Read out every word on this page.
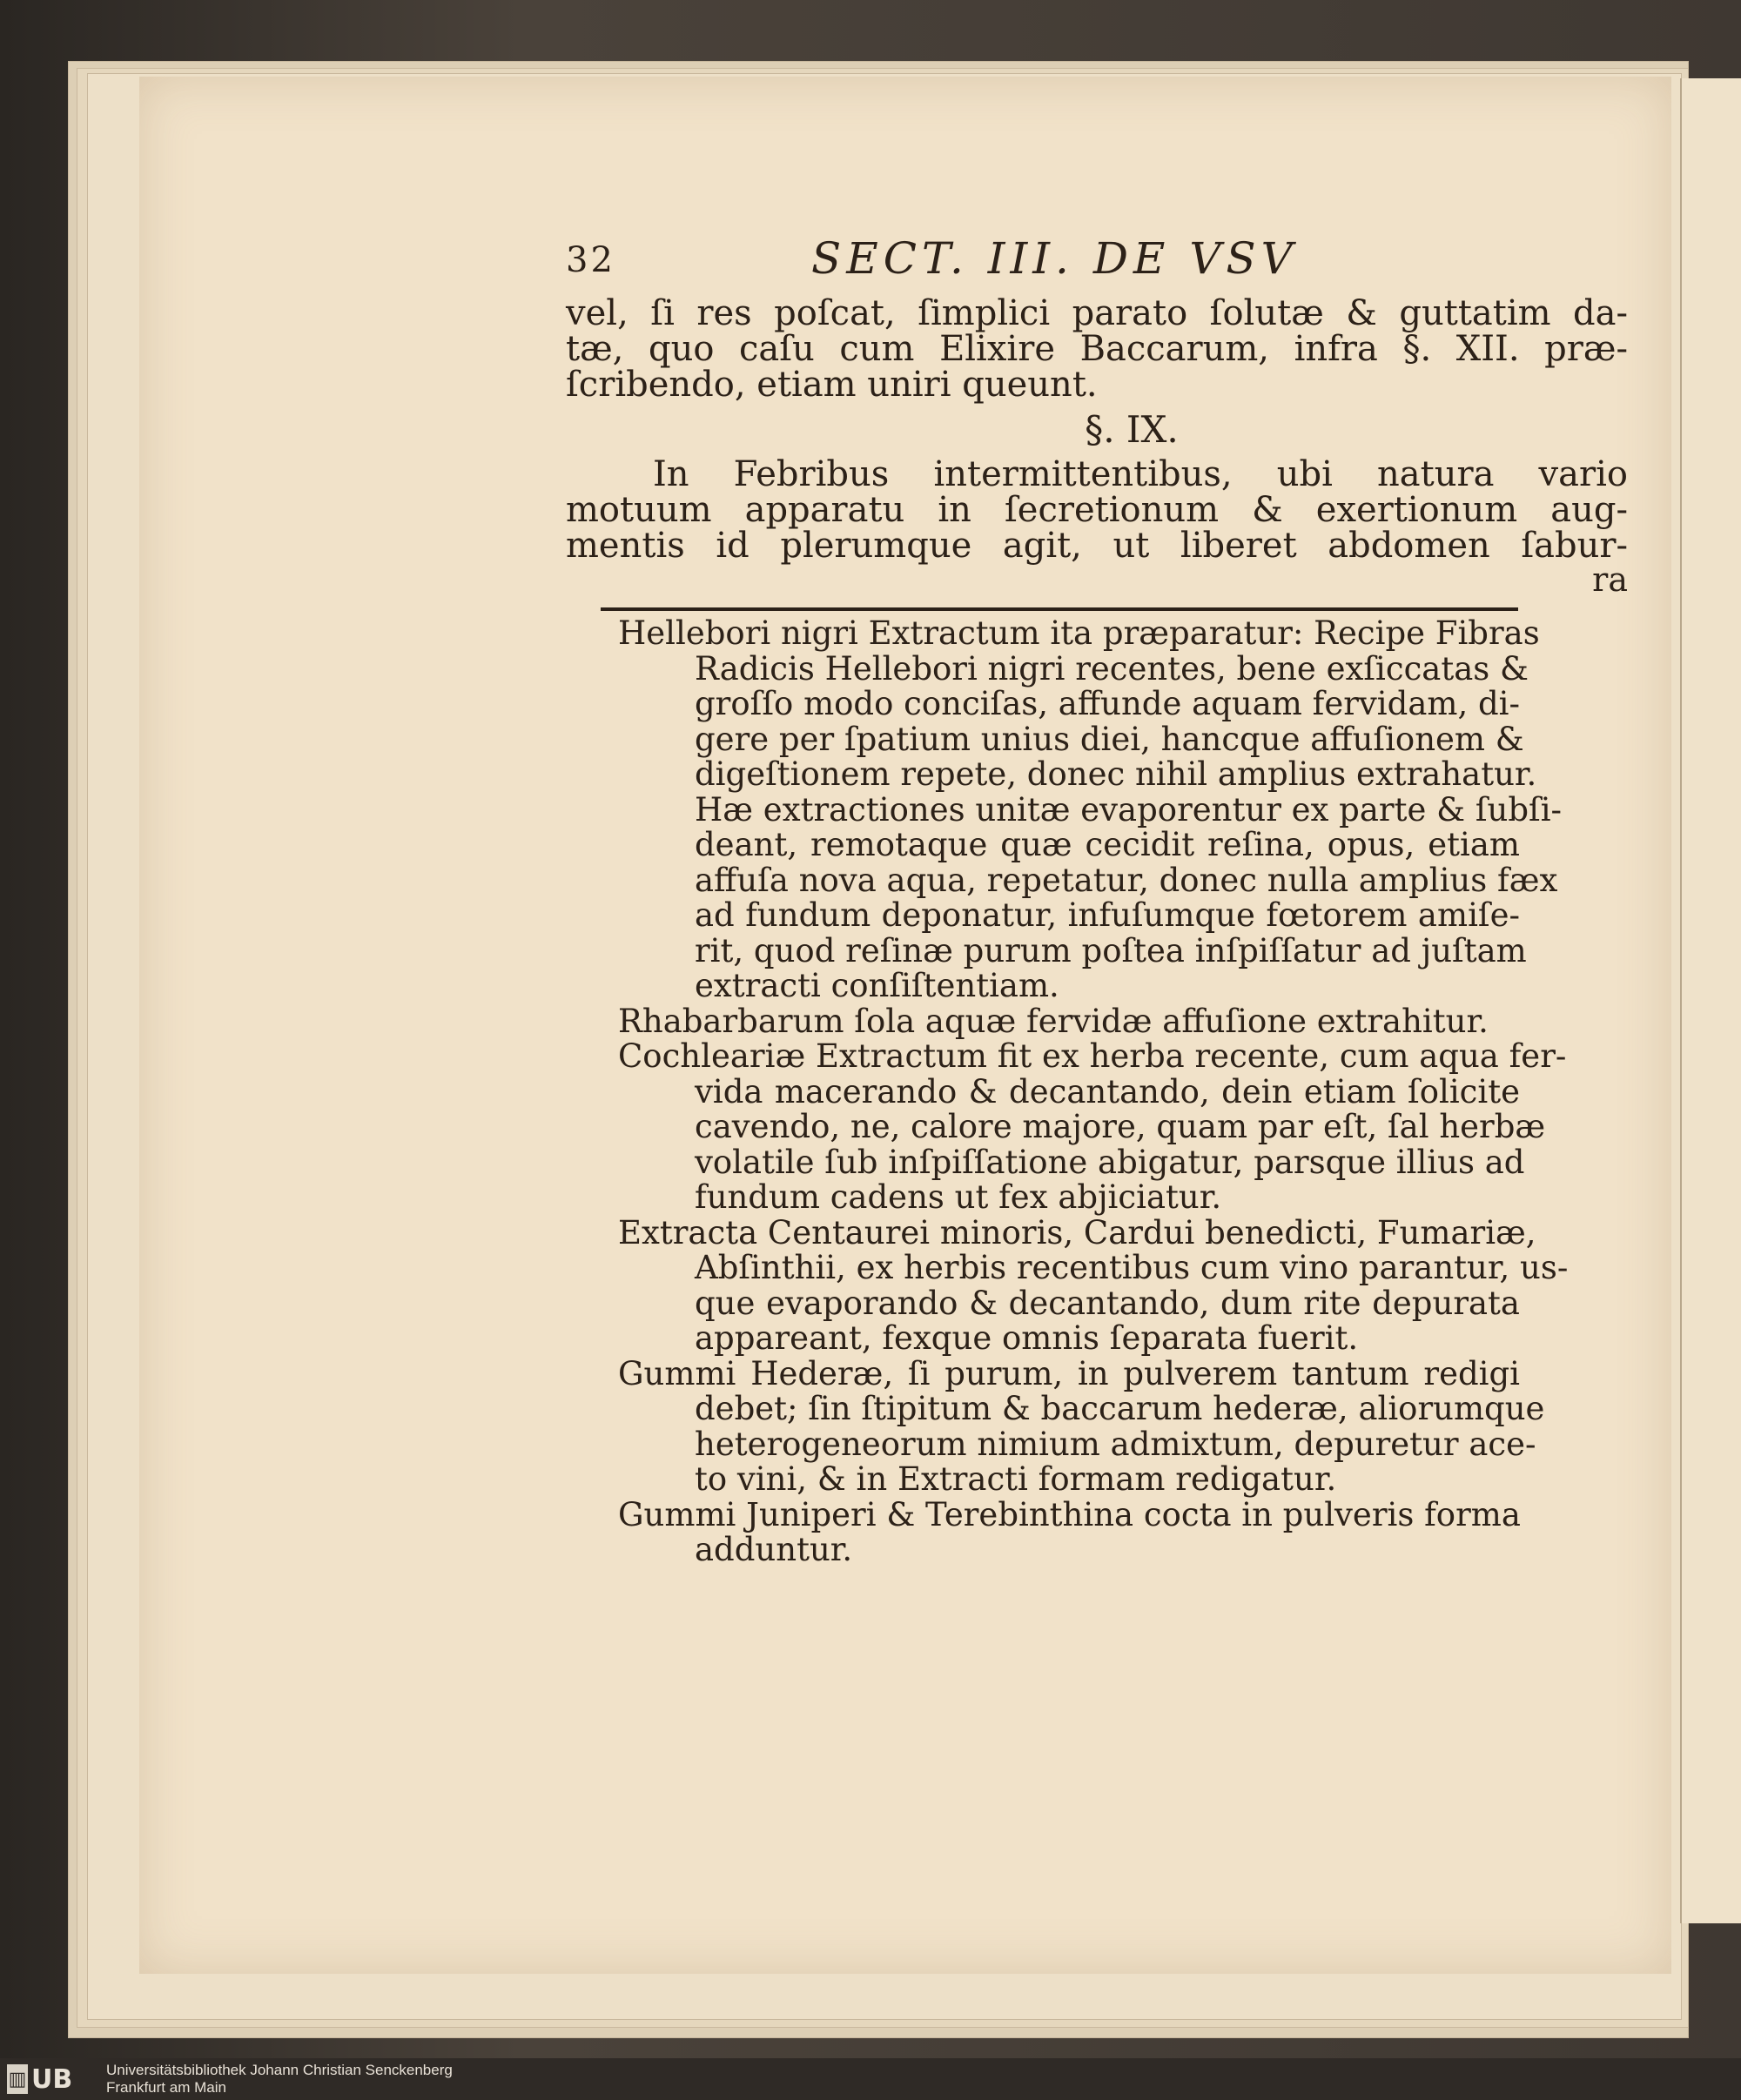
32	SECT. III. DE VSV
vel, ſi res poſcat, ſimplici parato ſolutæ & guttatim da-
tæ, quo caſu cum Elixire Baccarum, infra §. XII. præ-
ſcribendo, etiam uniri queunt.
§. IX.
In Febribus intermittentibus, ubi natura vario
motuum apparatu in ſecretionum & exertionum aug-
mentis id plerumque agit, ut liberet abdomen ſabur-
ra
Hellebori nigri Extractum ita præparatur: Recipe Fibras
Radicis Hellebori nigri recentes, bene exſiccatas &
groſſo modo conciſas, affunde aquam fervidam, di-
gere per ſpatium unius diei, hancque affuſionem &
digeſtionem repete, donec nihil amplius extrahatur.
Hæ extractiones unitæ evaporentur ex parte & ſubſi-
deant, remotaque quæ cecidit reſina, opus, etiam
affuſa nova aqua, repetatur, donec nulla amplius fæx
ad fundum deponatur, infuſumque fœtorem amiſe-
rit, quod reſinæ purum poſtea inſpiſſatur ad juſtam
extracti conſiſtentiam.
Rhabarbarum ſola aquæ fervidæ affuſione extrahitur.
Cochleariæ Extractum fit ex herba recente, cum aqua fer-
vida macerando & decantando, dein etiam ſolicite
cavendo, ne, calore majore, quam par eſt, ſal herbæ
volatile ſub inſpiſſatione abigatur, parsque illius ad
fundum cadens ut fex abjiciatur.
Extracta Centaurei minoris, Cardui benedicti, Fumariæ,
Abſinthii, ex herbis recentibus cum vino parantur, us-
que evaporando & decantando, dum rite depurata
appareant, fexque omnis ſeparata fuerit.
Gummi Hederæ, ſi purum, in pulverem tantum redigi
debet; ſin ſtipitum & baccarum hederæ, aliorumque
heterogeneorum nimium admixtum, depuretur ace-
to vini, & in Extracti formam redigatur.
Gummi Juniperi & Terebinthina cocta in pulveris forma
adduntur.
▥ UB Universitätsbibliothek Johann Christian Senckenberg
Frankfurt am Main
